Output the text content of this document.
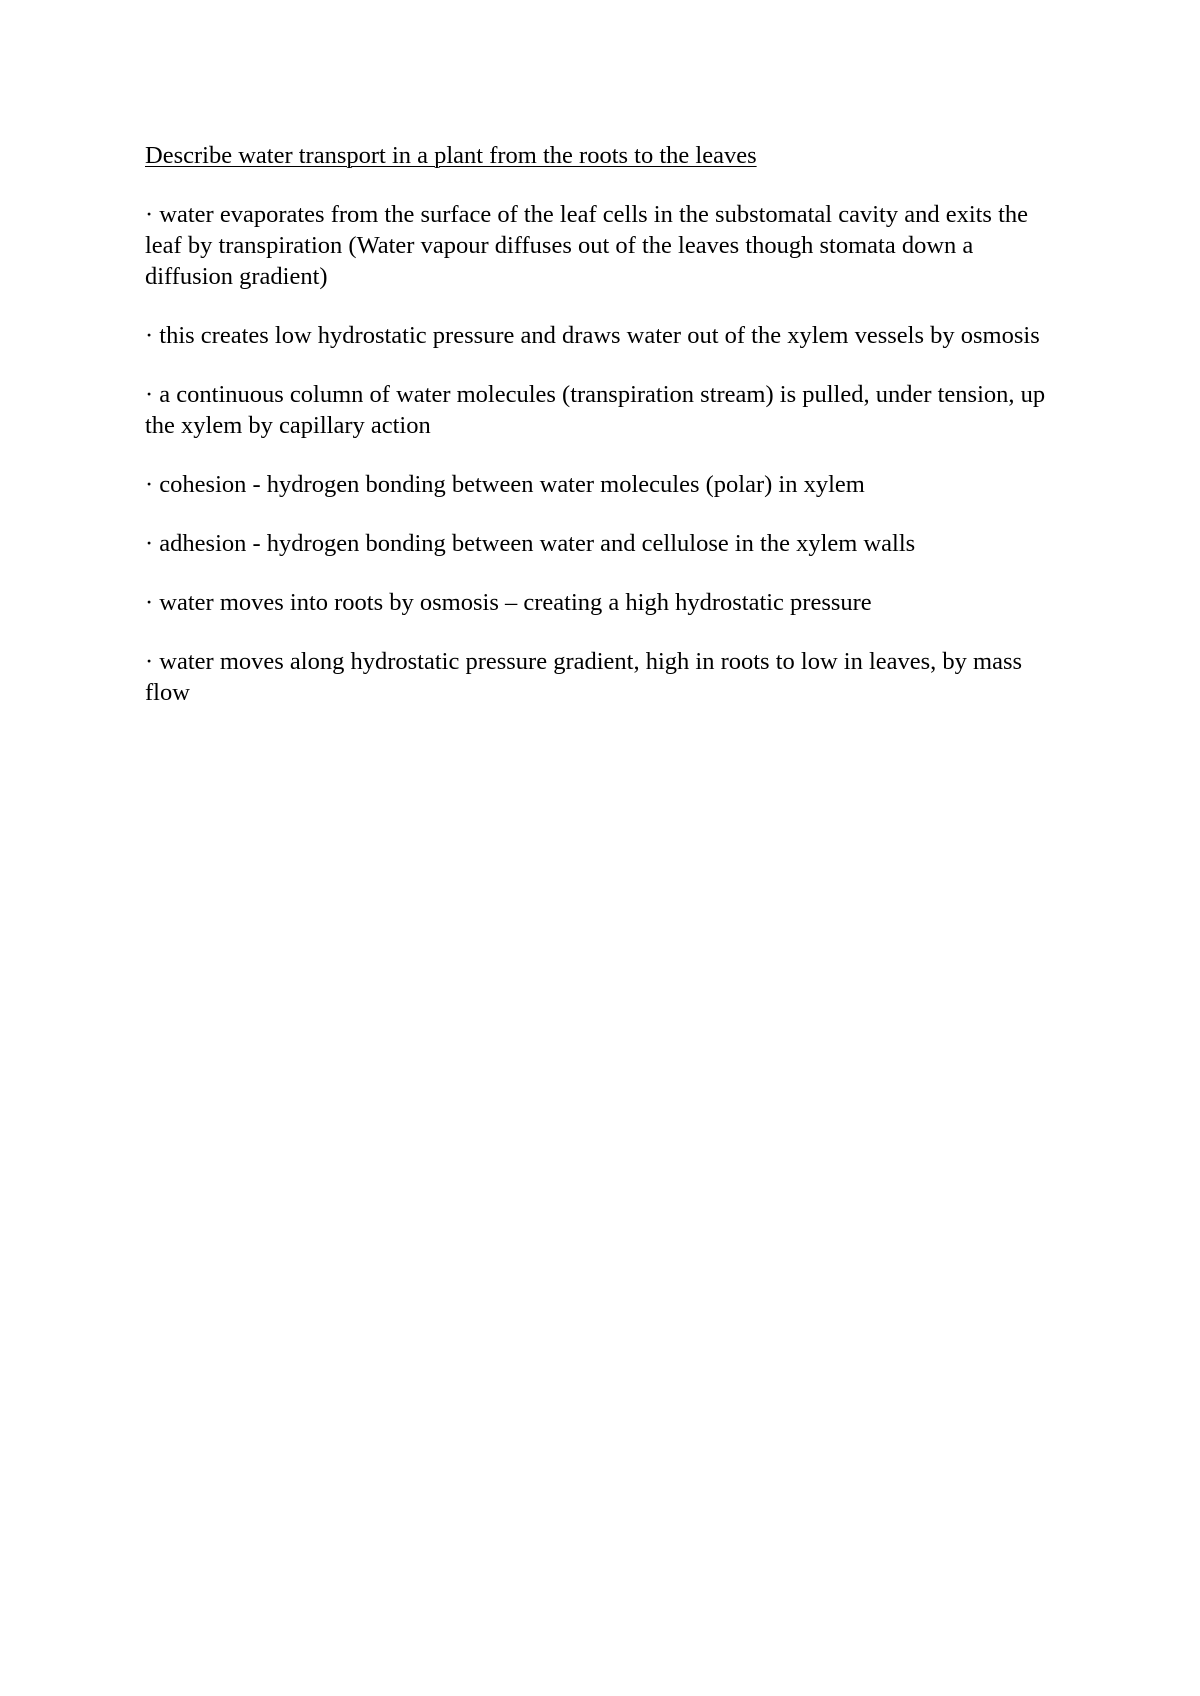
Describe water transport in a plant from the roots to the leaves
· water evaporates from the surface of the leaf cells in the substomatal cavity and exits the leaf by transpiration (Water vapour diffuses out of the leaves though stomata down a diffusion gradient)
· this creates low hydrostatic pressure and draws water out of the xylem vessels by osmosis
· a continuous column of water molecules (transpiration stream) is pulled, under tension, up the xylem by capillary action
· cohesion - hydrogen bonding between water molecules (polar) in xylem
· adhesion - hydrogen bonding between water and cellulose in the xylem walls
· water moves into roots by osmosis – creating a high hydrostatic pressure
· water moves along hydrostatic pressure gradient, high in roots to low in leaves, by mass flow
